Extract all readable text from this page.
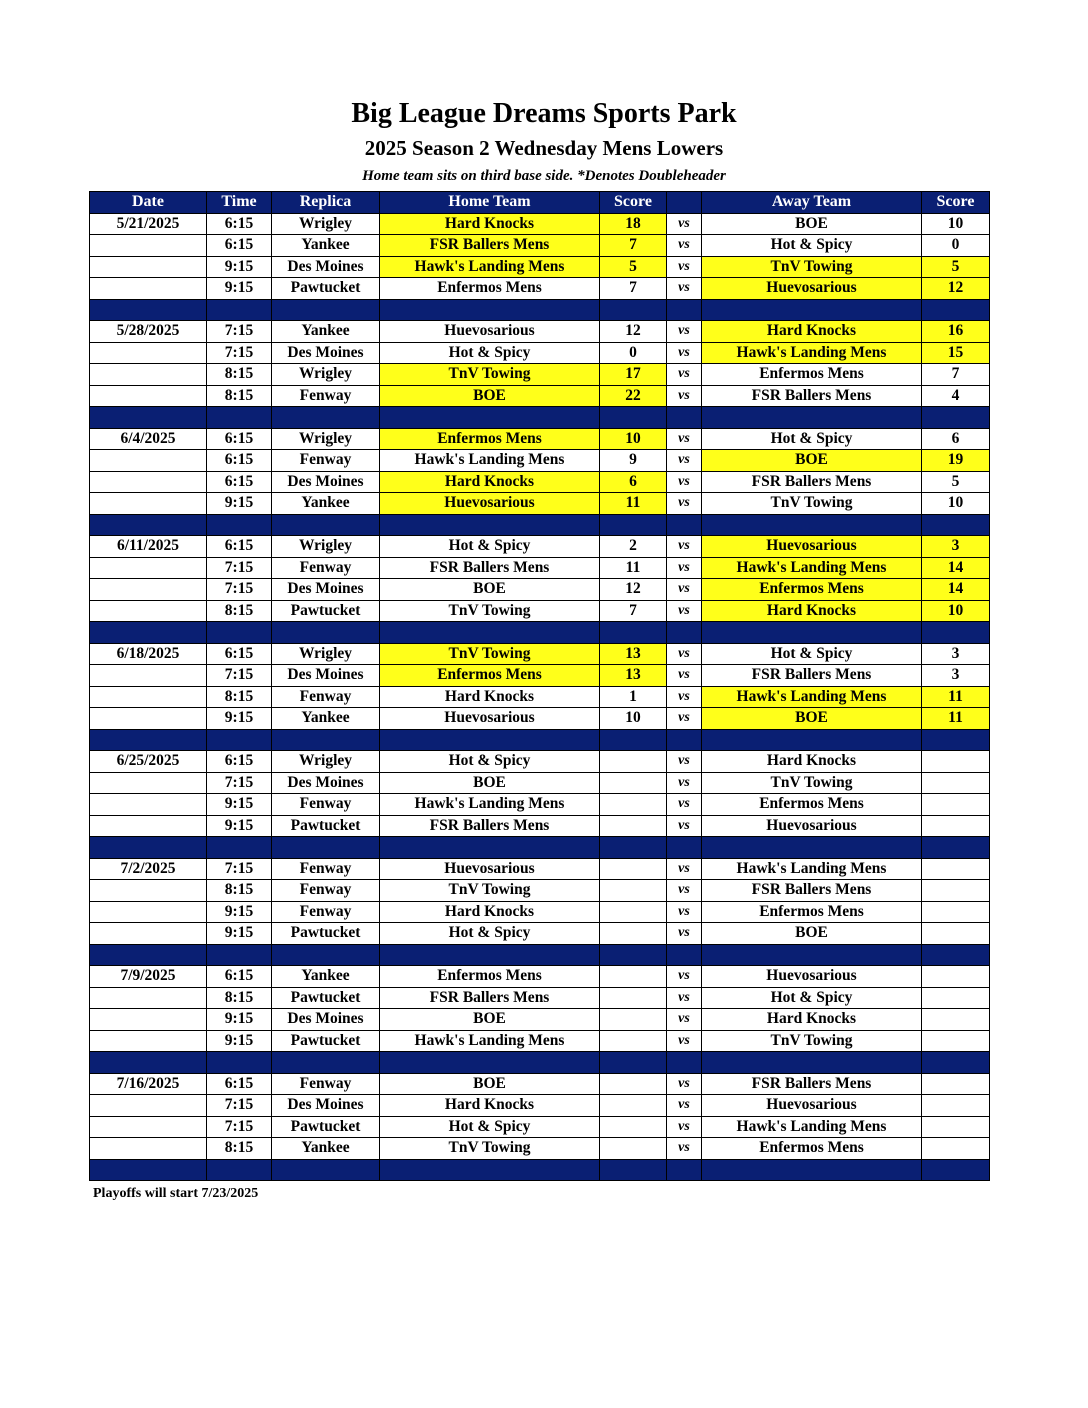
Big League Dreams Sports Park
2025 Season 2 Wednesday Mens Lowers
Home team sits on third base side. *Denotes Doubleheader
Date	Time	Replica	Home Team	Score		Away Team	Score
5/21/2025	6:15	Wrigley	Hard Knocks	18	vs	BOE	10
	6:15	Yankee	FSR Ballers Mens	7	vs	Hot & Spicy	0
	9:15	Des Moines	Hawk's Landing Mens	5	vs	TnV Towing	5
	9:15	Pawtucket	Enfermos Mens	7	vs	Huevosarious	12

5/28/2025	7:15	Yankee	Huevosarious	12	vs	Hard Knocks	16
	7:15	Des Moines	Hot & Spicy	0	vs	Hawk's Landing Mens	15
	8:15	Wrigley	TnV Towing	17	vs	Enfermos Mens	7
	8:15	Fenway	BOE	22	vs	FSR Ballers Mens	4

6/4/2025	6:15	Wrigley	Enfermos Mens	10	vs	Hot & Spicy	6
	6:15	Fenway	Hawk's Landing Mens	9	vs	BOE	19
	6:15	Des Moines	Hard Knocks	6	vs	FSR Ballers Mens	5
	9:15	Yankee	Huevosarious	11	vs	TnV Towing	10

6/11/2025	6:15	Wrigley	Hot & Spicy	2	vs	Huevosarious	3
	7:15	Fenway	FSR Ballers Mens	11	vs	Hawk's Landing Mens	14
	7:15	Des Moines	BOE	12	vs	Enfermos Mens	14
	8:15	Pawtucket	TnV Towing	7	vs	Hard Knocks	10

6/18/2025	6:15	Wrigley	TnV Towing	13	vs	Hot & Spicy	3
	7:15	Des Moines	Enfermos Mens	13	vs	FSR Ballers Mens	3
	8:15	Fenway	Hard Knocks	1	vs	Hawk's Landing Mens	11
	9:15	Yankee	Huevosarious	10	vs	BOE	11

6/25/2025	6:15	Wrigley	Hot & Spicy		vs	Hard Knocks	
	7:15	Des Moines	BOE		vs	TnV Towing	
	9:15	Fenway	Hawk's Landing Mens		vs	Enfermos Mens	
	9:15	Pawtucket	FSR Ballers Mens		vs	Huevosarious	

7/2/2025	7:15	Fenway	Huevosarious		vs	Hawk's Landing Mens	
	8:15	Fenway	TnV Towing		vs	FSR Ballers Mens	
	9:15	Fenway	Hard Knocks		vs	Enfermos Mens	
	9:15	Pawtucket	Hot & Spicy		vs	BOE	

7/9/2025	6:15	Yankee	Enfermos Mens		vs	Huevosarious	
	8:15	Pawtucket	FSR Ballers Mens		vs	Hot & Spicy	
	9:15	Des Moines	BOE		vs	Hard Knocks	
	9:15	Pawtucket	Hawk's Landing Mens		vs	TnV Towing	

7/16/2025	6:15	Fenway	BOE		vs	FSR Ballers Mens	
	7:15	Des Moines	Hard Knocks		vs	Huevosarious	
	7:15	Pawtucket	Hot & Spicy		vs	Hawk's Landing Mens	
	8:15	Yankee	TnV Towing		vs	Enfermos Mens	

Playoffs will start 7/23/2025
